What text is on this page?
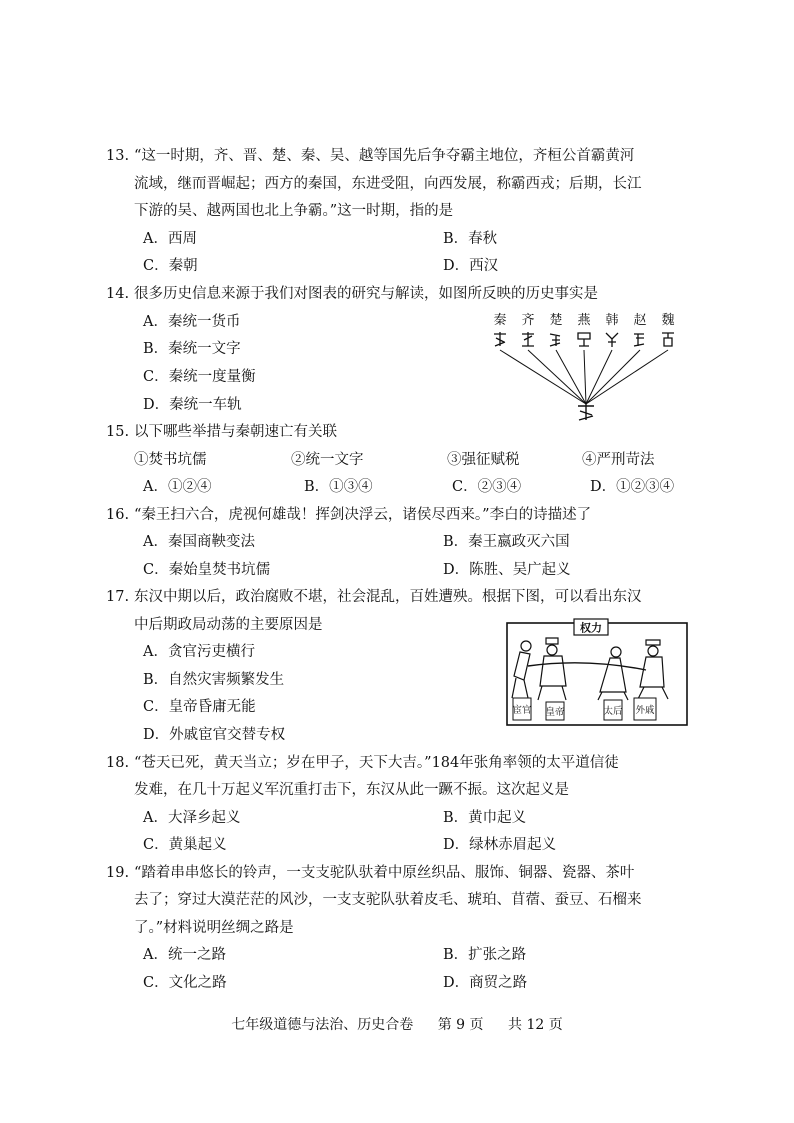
13. “这一时期，齐、晋、楚、秦、吴、越等国先后争夺霸主地位，齐桓公首霸黄河
流域，继而晋崛起；西方的秦国，东进受阻，向西发展，称霸西戎；后期，长江
下游的吴、越两国也北上争霸。”这一时期，指的是
A．西周	B．春秋
C．秦朝	D．西汉
14. 很多历史信息来源于我们对图表的研究与解读，如图所反映的历史事实是
A．秦统一货币
B．秦统一文字
C．秦统一度量衡
D．秦统一车轨
秦 齐 楚 燕 韩 赵 魏
15. 以下哪些举措与秦朝速亡有关联
①焚书坑儒	②统一文字	③强征赋税	④严刑苛法
A．①②④	B．①③④	C．②③④	D．①②③④
16. “秦王扫六合，虎视何雄哉！挥剑决浮云，诸侯尽西来。”李白的诗描述了
A．秦国商鞅变法	B．秦王嬴政灭六国
C．秦始皇焚书坑儒	D．陈胜、吴广起义
17. 东汉中期以后，政治腐败不堪，社会混乱，百姓遭殃。根据下图，可以看出东汉
中后期政局动荡的主要原因是
A．贪官污吏横行
B．自然灾害频繁发生
C．皇帝昏庸无能
D．外戚宦官交替专权
权力
宦官 皇帝	太后 外戚
18. “苍天已死，黄天当立；岁在甲子，天下大吉。”184年张角率领的太平道信徒
发难，在几十万起义军沉重打击下，东汉从此一蹶不振。这次起义是
A．大泽乡起义	B．黄巾起义
C．黄巢起义	D．绿林赤眉起义
19. “踏着串串悠长的铃声，一支支驼队驮着中原丝织品、服饰、铜器、瓷器、茶叶
去了；穿过大漠茫茫的风沙，一支支驼队驮着皮毛、琥珀、苜蓿、蚕豆、石榴来
了。”材料说明丝绸之路是
A．统一之路	B．扩张之路
C．文化之路	D．商贸之路
七年级道德与法治、历史合卷 第 9 页 共 12 页
